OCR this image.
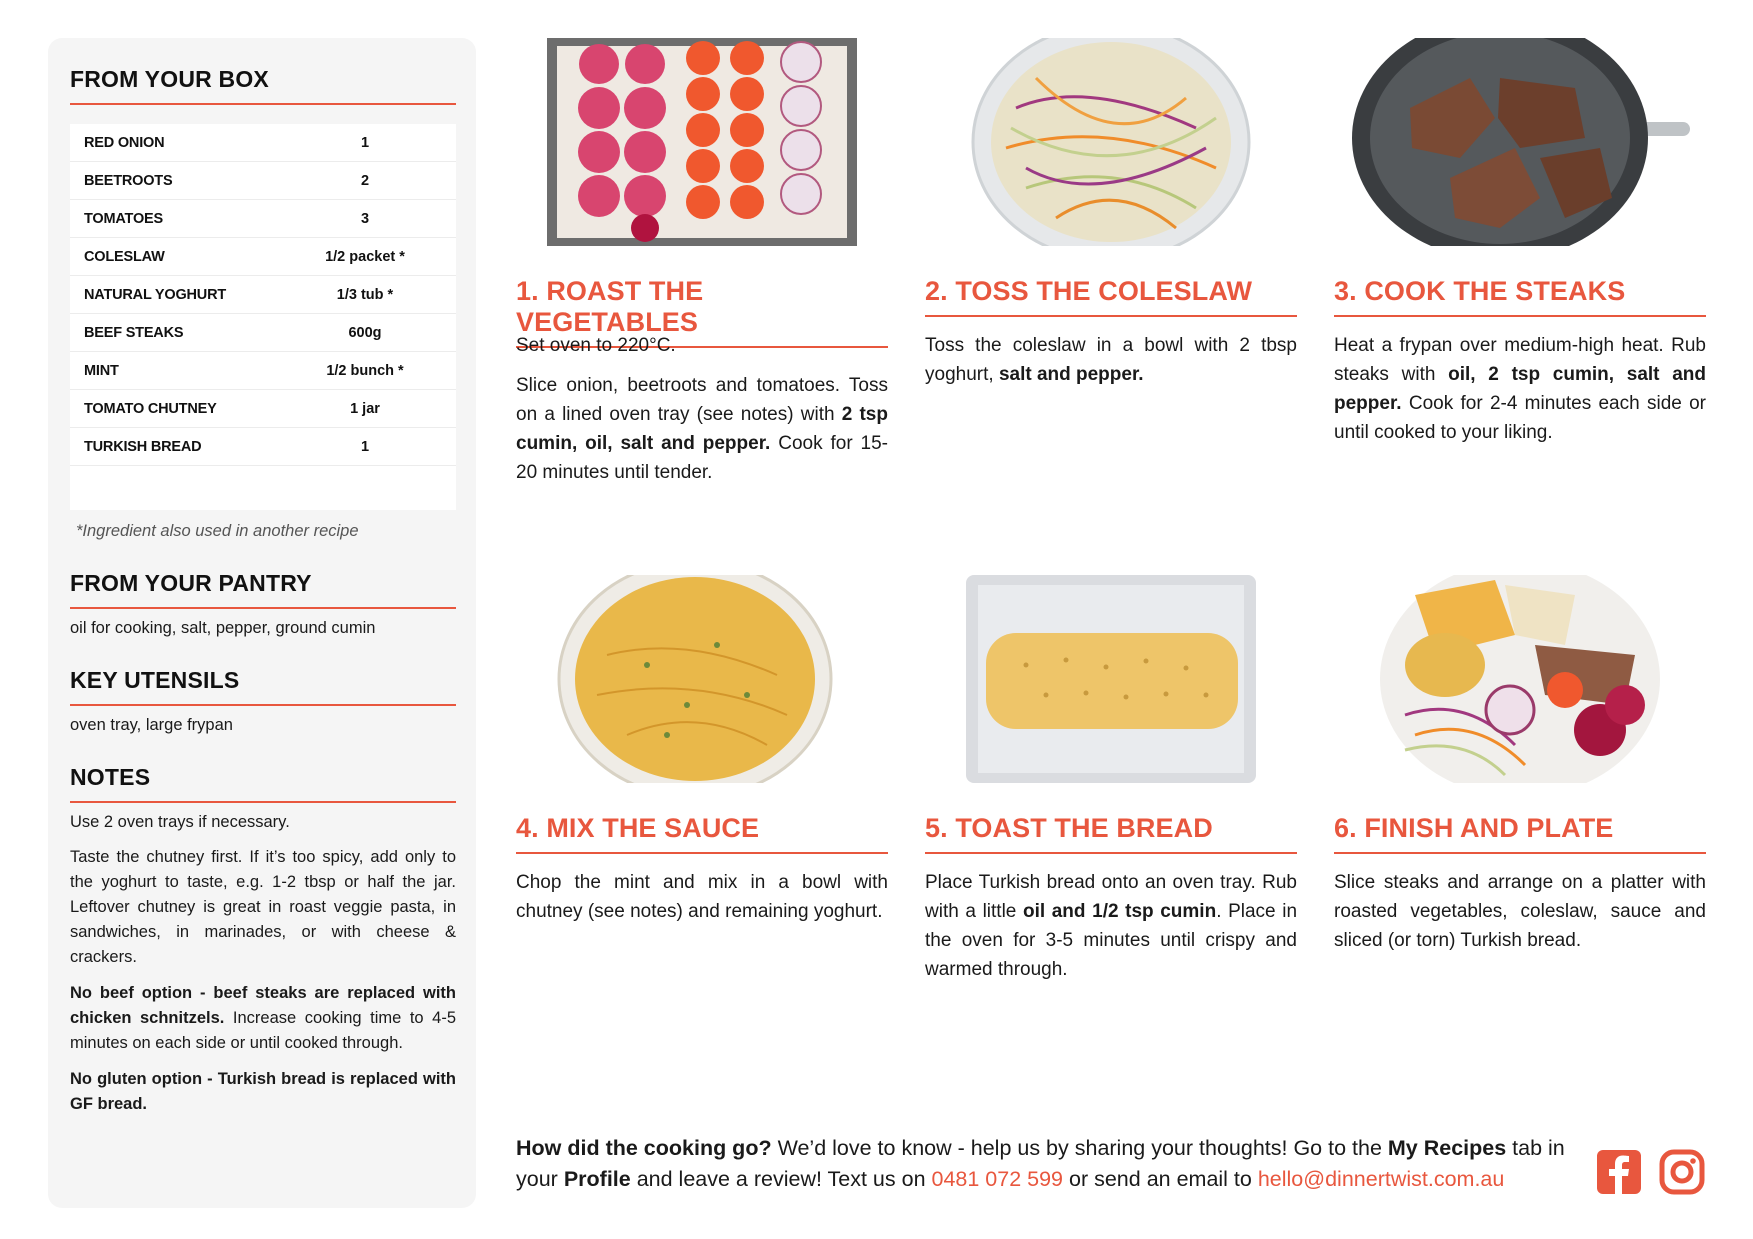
FROM YOUR BOX
RED ONION	1
BEETROOTS	2
TOMATOES	3
COLESLAW	1/2 packet *
NATURAL YOGHURT	1/3 tub *
BEEF STEAKS	600g
MINT	1/2 bunch *
TOMATO CHUTNEY	1 jar
TURKISH BREAD	1
*Ingredient also used in another recipe
FROM YOUR PANTRY
oil for cooking, salt, pepper, ground cumin
KEY UTENSILS
oven tray, large frypan
NOTES
Use 2 oven trays if necessary.
Taste the chutney first. If it’s too spicy, add only to the yoghurt to taste, e.g. 1-2 tbsp or half the jar. Leftover chutney is great in roast veggie pasta, in sandwiches, in marinades, or with cheese & crackers.
No beef option - beef steaks are replaced with chicken schnitzels. Increase cooking time to 4-5 minutes on each side or until cooked through.
No gluten option - Turkish bread is replaced with GF bread.
1. ROAST THE VEGETABLES

Set oven to 220°C.

Slice onion, beetroots and tomatoes. Toss on a lined oven tray (see notes) with 2 tsp cumin, oil, salt and pepper. Cook for 15-20 minutes until tender.

2. TOSS THE COLESLAW

Toss the coleslaw in a bowl with 2 tbsp yoghurt, salt and pepper.

3. COOK THE STEAKS

Heat a frypan over medium-high heat. Rub steaks with oil, 2 tsp cumin, salt and pepper. Cook for 2-4 minutes each side or until cooked to your liking.

4. MIX THE SAUCE

Chop the mint and mix in a bowl with chutney (see notes) and remaining yoghurt.

5. TOAST THE BREAD

Place Turkish bread onto an oven tray. Rub with a little oil and 1/2 tsp cumin. Place in the oven for 3-5 minutes until crispy and warmed through.

6. FINISH AND PLATE

Slice steaks and arrange on a platter with roasted vegetables, coleslaw, sauce and sliced (or torn) Turkish bread.

How did the cooking go? We’d love to know - help us by sharing your thoughts! Go to the My Recipes tab in your Profile and leave a review! Text us on 0481 072 599 or send an email to hello@dinnertwist.com.au
